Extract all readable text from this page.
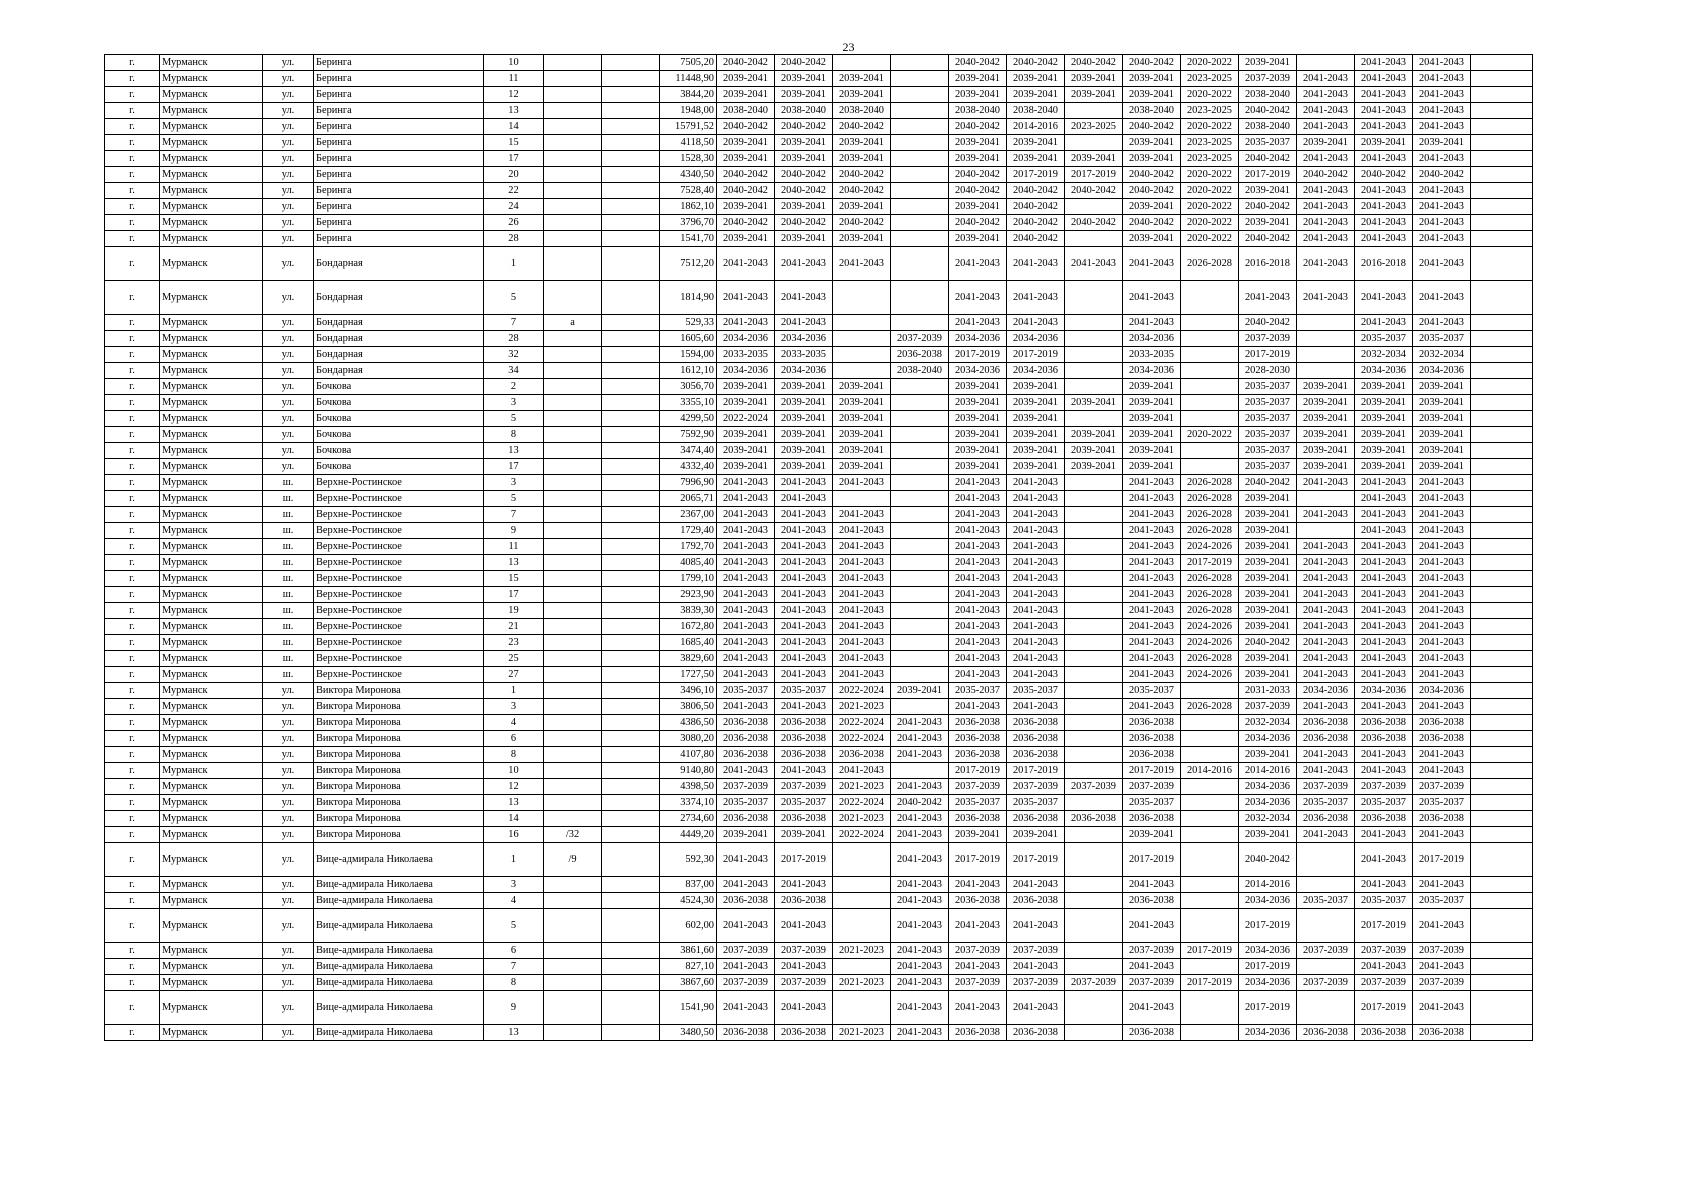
23
г.	Мурманск	ул.	Беринга	10			7505,20	2040-2042	2040-2042			2040-2042	2040-2042	2040-2042	2040-2042	2020-2022	2039-2041		2041-2043	2041-2043	
г.	Мурманск	ул.	Беринга	11			11448,90	2039-2041	2039-2041	2039-2041		2039-2041	2039-2041	2039-2041	2039-2041	2023-2025	2037-2039	2041-2043	2041-2043	2041-2043	
г.	Мурманск	ул.	Беринга	12			3844,20	2039-2041	2039-2041	2039-2041		2039-2041	2039-2041	2039-2041	2039-2041	2020-2022	2038-2040	2041-2043	2041-2043	2041-2043	
г.	Мурманск	ул.	Беринга	13			1948,00	2038-2040	2038-2040	2038-2040		2038-2040	2038-2040		2038-2040	2023-2025	2040-2042	2041-2043	2041-2043	2041-2043	
г.	Мурманск	ул.	Беринга	14			15791,52	2040-2042	2040-2042	2040-2042		2040-2042	2014-2016	2023-2025	2040-2042	2020-2022	2038-2040	2041-2043	2041-2043	2041-2043	
г.	Мурманск	ул.	Беринга	15			4118,50	2039-2041	2039-2041	2039-2041		2039-2041	2039-2041		2039-2041	2023-2025	2035-2037	2039-2041	2039-2041	2039-2041	
г.	Мурманск	ул.	Беринга	17			1528,30	2039-2041	2039-2041	2039-2041		2039-2041	2039-2041	2039-2041	2039-2041	2023-2025	2040-2042	2041-2043	2041-2043	2041-2043	
г.	Мурманск	ул.	Беринга	20			4340,50	2040-2042	2040-2042	2040-2042		2040-2042	2017-2019	2017-2019	2040-2042	2020-2022	2017-2019	2040-2042	2040-2042	2040-2042	
г.	Мурманск	ул.	Беринга	22			7528,40	2040-2042	2040-2042	2040-2042		2040-2042	2040-2042	2040-2042	2040-2042	2020-2022	2039-2041	2041-2043	2041-2043	2041-2043	
г.	Мурманск	ул.	Беринга	24			1862,10	2039-2041	2039-2041	2039-2041		2039-2041	2040-2042		2039-2041	2020-2022	2040-2042	2041-2043	2041-2043	2041-2043	
г.	Мурманск	ул.	Беринга	26			3796,70	2040-2042	2040-2042	2040-2042		2040-2042	2040-2042	2040-2042	2040-2042	2020-2022	2039-2041	2041-2043	2041-2043	2041-2043	
г.	Мурманск	ул.	Беринга	28			1541,70	2039-2041	2039-2041	2039-2041		2039-2041	2040-2042		2039-2041	2020-2022	2040-2042	2041-2043	2041-2043	2041-2043	
г.	Мурманск	ул.	Бондарная	1			7512,20	2041-2043	2041-2043	2041-2043		2041-2043	2041-2043	2041-2043	2041-2043	2026-2028	2016-2018	2041-2043	2016-2018	2041-2043	
г.	Мурманск	ул.	Бондарная	5			1814,90	2041-2043	2041-2043			2041-2043	2041-2043		2041-2043		2041-2043	2041-2043	2041-2043	2041-2043	
г.	Мурманск	ул.	Бондарная	7	а		529,33	2041-2043	2041-2043			2041-2043	2041-2043		2041-2043		2040-2042		2041-2043	2041-2043	
г.	Мурманск	ул.	Бондарная	28			1605,60	2034-2036	2034-2036		2037-2039	2034-2036	2034-2036		2034-2036		2037-2039		2035-2037	2035-2037	
г.	Мурманск	ул.	Бондарная	32			1594,00	2033-2035	2033-2035		2036-2038	2017-2019	2017-2019		2033-2035		2017-2019		2032-2034	2032-2034	
г.	Мурманск	ул.	Бондарная	34			1612,10	2034-2036	2034-2036		2038-2040	2034-2036	2034-2036		2034-2036		2028-2030		2034-2036	2034-2036	
г.	Мурманск	ул.	Бочкова	2			3056,70	2039-2041	2039-2041	2039-2041		2039-2041	2039-2041		2039-2041		2035-2037	2039-2041	2039-2041	2039-2041	
г.	Мурманск	ул.	Бочкова	3			3355,10	2039-2041	2039-2041	2039-2041		2039-2041	2039-2041	2039-2041	2039-2041		2035-2037	2039-2041	2039-2041	2039-2041	
г.	Мурманск	ул.	Бочкова	5			4299,50	2022-2024	2039-2041	2039-2041		2039-2041	2039-2041		2039-2041		2035-2037	2039-2041	2039-2041	2039-2041	
г.	Мурманск	ул.	Бочкова	8			7592,90	2039-2041	2039-2041	2039-2041		2039-2041	2039-2041	2039-2041	2039-2041	2020-2022	2035-2037	2039-2041	2039-2041	2039-2041	
г.	Мурманск	ул.	Бочкова	13			3474,40	2039-2041	2039-2041	2039-2041		2039-2041	2039-2041	2039-2041	2039-2041		2035-2037	2039-2041	2039-2041	2039-2041	
г.	Мурманск	ул.	Бочкова	17			4332,40	2039-2041	2039-2041	2039-2041		2039-2041	2039-2041	2039-2041	2039-2041		2035-2037	2039-2041	2039-2041	2039-2041	
г.	Мурманск	ш.	Верхне-Ростинское	3			7996,90	2041-2043	2041-2043	2041-2043		2041-2043	2041-2043		2041-2043	2026-2028	2040-2042	2041-2043	2041-2043	2041-2043	
г.	Мурманск	ш.	Верхне-Ростинское	5			2065,71	2041-2043	2041-2043			2041-2043	2041-2043		2041-2043	2026-2028	2039-2041		2041-2043	2041-2043	
г.	Мурманск	ш.	Верхне-Ростинское	7			2367,00	2041-2043	2041-2043	2041-2043		2041-2043	2041-2043		2041-2043	2026-2028	2039-2041	2041-2043	2041-2043	2041-2043	
г.	Мурманск	ш.	Верхне-Ростинское	9			1729,40	2041-2043	2041-2043	2041-2043		2041-2043	2041-2043		2041-2043	2026-2028	2039-2041		2041-2043	2041-2043	
г.	Мурманск	ш.	Верхне-Ростинское	11			1792,70	2041-2043	2041-2043	2041-2043		2041-2043	2041-2043		2041-2043	2024-2026	2039-2041	2041-2043	2041-2043	2041-2043	
г.	Мурманск	ш.	Верхне-Ростинское	13			4085,40	2041-2043	2041-2043	2041-2043		2041-2043	2041-2043		2041-2043	2017-2019	2039-2041	2041-2043	2041-2043	2041-2043	
г.	Мурманск	ш.	Верхне-Ростинское	15			1799,10	2041-2043	2041-2043	2041-2043		2041-2043	2041-2043		2041-2043	2026-2028	2039-2041	2041-2043	2041-2043	2041-2043	
г.	Мурманск	ш.	Верхне-Ростинское	17			2923,90	2041-2043	2041-2043	2041-2043		2041-2043	2041-2043		2041-2043	2026-2028	2039-2041	2041-2043	2041-2043	2041-2043	
г.	Мурманск	ш.	Верхне-Ростинское	19			3839,30	2041-2043	2041-2043	2041-2043		2041-2043	2041-2043		2041-2043	2026-2028	2039-2041	2041-2043	2041-2043	2041-2043	
г.	Мурманск	ш.	Верхне-Ростинское	21			1672,80	2041-2043	2041-2043	2041-2043		2041-2043	2041-2043		2041-2043	2024-2026	2039-2041	2041-2043	2041-2043	2041-2043	
г.	Мурманск	ш.	Верхне-Ростинское	23			1685,40	2041-2043	2041-2043	2041-2043		2041-2043	2041-2043		2041-2043	2024-2026	2040-2042	2041-2043	2041-2043	2041-2043	
г.	Мурманск	ш.	Верхне-Ростинское	25			3829,60	2041-2043	2041-2043	2041-2043		2041-2043	2041-2043		2041-2043	2026-2028	2039-2041	2041-2043	2041-2043	2041-2043	
г.	Мурманск	ш.	Верхне-Ростинское	27			1727,50	2041-2043	2041-2043	2041-2043		2041-2043	2041-2043		2041-2043	2024-2026	2039-2041	2041-2043	2041-2043	2041-2043	
г.	Мурманск	ул.	Виктора Миронова	1			3496,10	2035-2037	2035-2037	2022-2024	2039-2041	2035-2037	2035-2037		2035-2037		2031-2033	2034-2036	2034-2036	2034-2036	
г.	Мурманск	ул.	Виктора Миронова	3			3806,50	2041-2043	2041-2043	2021-2023		2041-2043	2041-2043		2041-2043	2026-2028	2037-2039	2041-2043	2041-2043	2041-2043	
г.	Мурманск	ул.	Виктора Миронова	4			4386,50	2036-2038	2036-2038	2022-2024	2041-2043	2036-2038	2036-2038		2036-2038		2032-2034	2036-2038	2036-2038	2036-2038	
г.	Мурманск	ул.	Виктора Миронова	6			3080,20	2036-2038	2036-2038	2022-2024	2041-2043	2036-2038	2036-2038		2036-2038		2034-2036	2036-2038	2036-2038	2036-2038	
г.	Мурманск	ул.	Виктора Миронова	8			4107,80	2036-2038	2036-2038	2036-2038	2041-2043	2036-2038	2036-2038		2036-2038		2039-2041	2041-2043	2041-2043	2041-2043	
г.	Мурманск	ул.	Виктора Миронова	10			9140,80	2041-2043	2041-2043	2041-2043		2017-2019	2017-2019		2017-2019	2014-2016	2014-2016	2041-2043	2041-2043	2041-2043	
г.	Мурманск	ул.	Виктора Миронова	12			4398,50	2037-2039	2037-2039	2021-2023	2041-2043	2037-2039	2037-2039	2037-2039	2037-2039		2034-2036	2037-2039	2037-2039	2037-2039	
г.	Мурманск	ул.	Виктора Миронова	13			3374,10	2035-2037	2035-2037	2022-2024	2040-2042	2035-2037	2035-2037		2035-2037		2034-2036	2035-2037	2035-2037	2035-2037	
г.	Мурманск	ул.	Виктора Миронова	14			2734,60	2036-2038	2036-2038	2021-2023	2041-2043	2036-2038	2036-2038	2036-2038	2036-2038		2032-2034	2036-2038	2036-2038	2036-2038	
г.	Мурманск	ул.	Виктора Миронова	16	/32		4449,20	2039-2041	2039-2041	2022-2024	2041-2043	2039-2041	2039-2041		2039-2041		2039-2041	2041-2043	2041-2043	2041-2043	
г.	Мурманск	ул.	Вице-адмирала Николаева	1	/9		592,30	2041-2043	2017-2019		2041-2043	2017-2019	2017-2019		2017-2019		2040-2042		2041-2043	2017-2019	
г.	Мурманск	ул.	Вице-адмирала Николаева	3			837,00	2041-2043	2041-2043		2041-2043	2041-2043	2041-2043		2041-2043		2014-2016		2041-2043	2041-2043	
г.	Мурманск	ул.	Вице-адмирала Николаева	4			4524,30	2036-2038	2036-2038		2041-2043	2036-2038	2036-2038		2036-2038		2034-2036	2035-2037	2035-2037	2035-2037	
г.	Мурманск	ул.	Вице-адмирала Николаева	5			602,00	2041-2043	2041-2043		2041-2043	2041-2043	2041-2043		2041-2043		2017-2019		2017-2019	2041-2043	
г.	Мурманск	ул.	Вице-адмирала Николаева	6			3861,60	2037-2039	2037-2039	2021-2023	2041-2043	2037-2039	2037-2039		2037-2039	2017-2019	2034-2036	2037-2039	2037-2039	2037-2039	
г.	Мурманск	ул.	Вице-адмирала Николаева	7			827,10	2041-2043	2041-2043		2041-2043	2041-2043	2041-2043		2041-2043		2017-2019		2041-2043	2041-2043	
г.	Мурманск	ул.	Вице-адмирала Николаева	8			3867,60	2037-2039	2037-2039	2021-2023	2041-2043	2037-2039	2037-2039	2037-2039	2037-2039	2017-2019	2034-2036	2037-2039	2037-2039	2037-2039	
г.	Мурманск	ул.	Вице-адмирала Николаева	9			1541,90	2041-2043	2041-2043		2041-2043	2041-2043	2041-2043		2041-2043		2017-2019		2017-2019	2041-2043	
г.	Мурманск	ул.	Вице-адмирала Николаева	13			3480,50	2036-2038	2036-2038	2021-2023	2041-2043	2036-2038	2036-2038		2036-2038		2034-2036	2036-2038	2036-2038	2036-2038	
